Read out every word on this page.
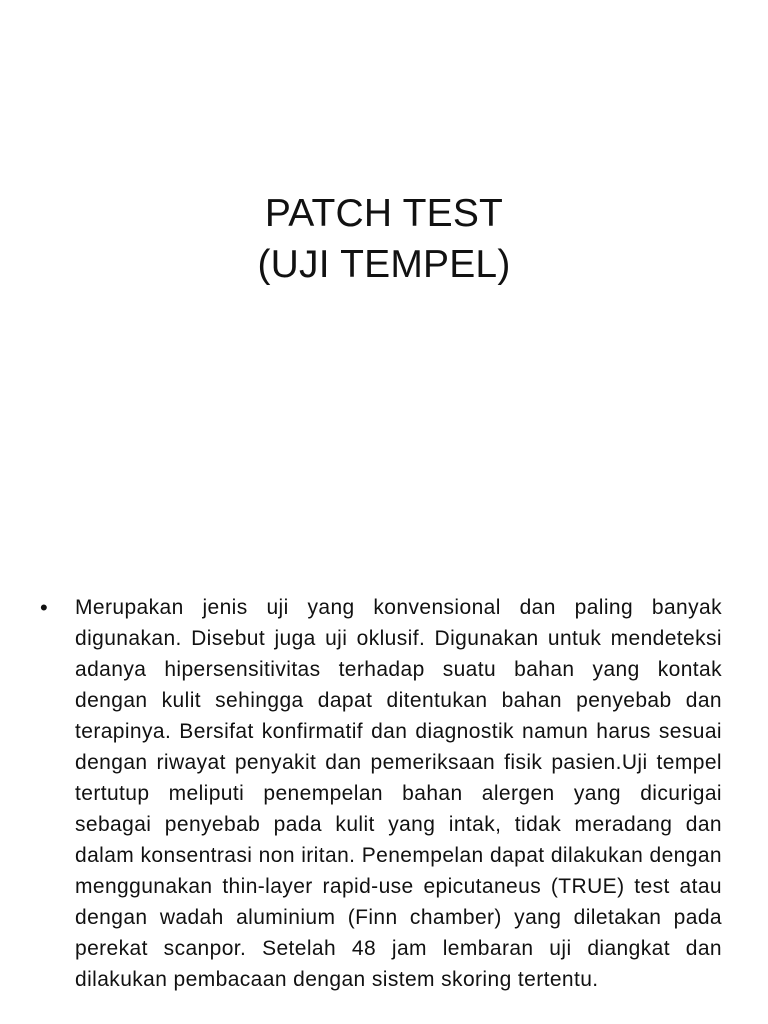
PATCH TEST
(UJI TEMPEL)
• Merupakan jenis uji yang konvensional dan paling banyak digunakan. Disebut juga uji oklusif. Digunakan untuk mendeteksi adanya hipersensitivitas terhadap suatu bahan yang kontak dengan kulit sehingga dapat ditentukan bahan penyebab dan terapinya. Bersifat konfirmatif dan diagnostik namun harus sesuai dengan riwayat penyakit dan pemeriksaan fisik pasien.Uji tempel tertutup meliputi penempelan bahan alergen yang dicurigai sebagai penyebab pada kulit yang intak, tidak meradang dan dalam konsentrasi non iritan. Penempelan dapat dilakukan dengan menggunakan thin-layer rapid-use epicutaneus (TRUE) test atau dengan wadah aluminium (Finn chamber) yang diletakan pada perekat scanpor. Setelah 48 jam lembaran uji diangkat dan dilakukan pembacaan dengan sistem skoring tertentu.
